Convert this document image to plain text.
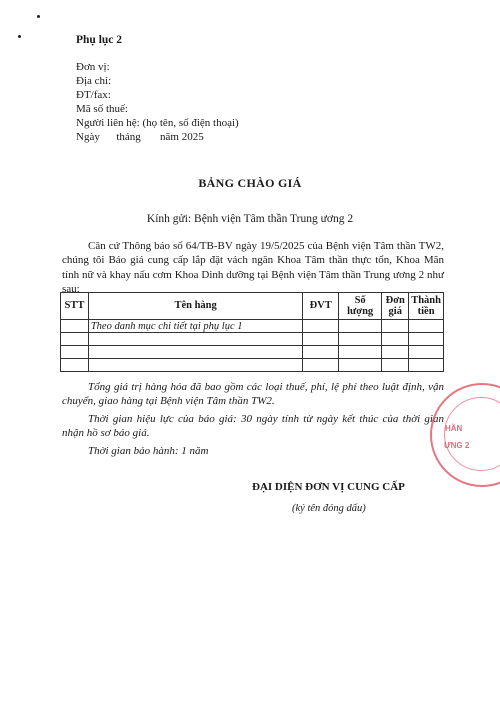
Phụ lục 2
Đơn vị:
Địa chỉ:
ĐT/fax:
Mã số thuế:
Người liên hệ: (họ tên, số điện thoại)
Ngày      tháng       năm 2025
BẢNG CHÀO GIÁ
Kính gửi: Bệnh viện Tâm thần Trung ương 2
Căn cứ Thông báo số 64/TB-BV ngày 19/5/2025 của Bệnh viện Tâm thần TW2, chúng tôi Báo giá cung cấp lắp đặt vách ngăn Khoa Tâm thần thực tổn, Khoa Mãn tính nữ và khay nấu cơm Khoa Dinh dưỡng tại Bệnh viện Tâm thần Trung ương 2 như sau:
STT	Tên hàng	ĐVT	Số lượng	Đơn giá	Thành tiền
	Theo danh mục chi tiết tại phụ lục 1				

Tổng giá trị hàng hóa đã bao gồm các loại thuế, phí, lệ phí theo luật định, vận chuyển, giao hàng tại Bệnh viện Tâm thần TW2.
Thời gian hiệu lực của báo giá: 30 ngày tính từ ngày kết thúc của thời gian nhận hồ sơ báo giá.
Thời gian bảo hành: 1 năm
ĐẠI DIỆN ĐƠN VỊ CUNG CẤP
(ký tên đóng dấu)
HẦN
ƯNG 2
